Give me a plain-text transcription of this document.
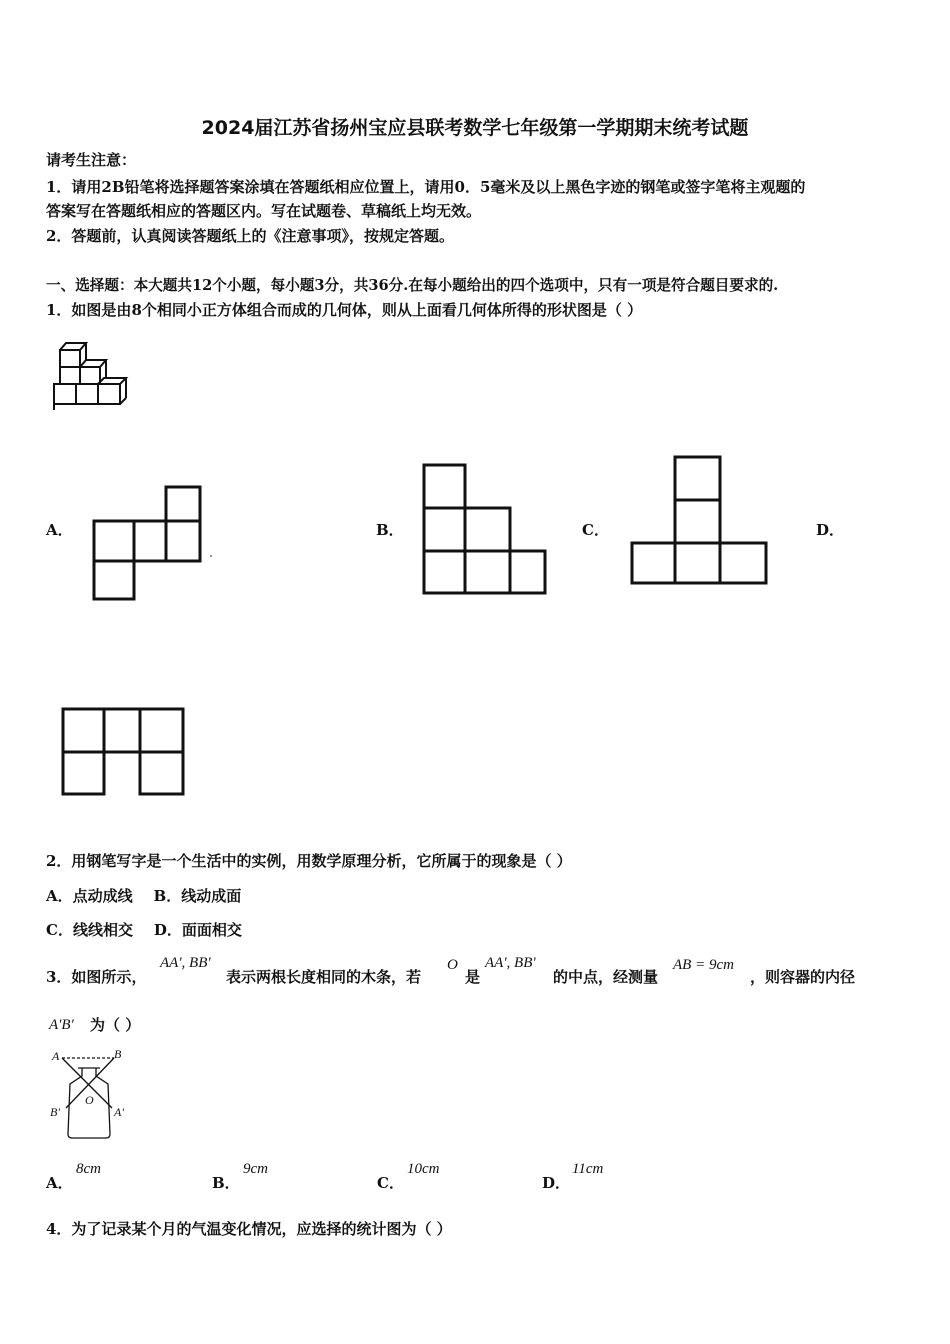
2024届江苏省扬州宝应县联考数学七年级第一学期期末统考试题
请考生注意：
1．请用2B铅笔将选择题答案涂填在答题纸相应位置上，请用0．5毫米及以上黑色字迹的钢笔或签字笔将主观题的
答案写在答题纸相应的答题区内。写在试题卷、草稿纸上均无效。
2．答题前，认真阅读答题纸上的《注意事项》，按规定答题。
一、选择题：本大题共12个小题，每小题3分，共36分.在每小题给出的四个选项中，只有一项是符合题目要求的.
1．如图是由8个相同小正方体组合而成的几何体，则从上面看几何体所得的形状图是（ ）
A．	B．	C．	D．
2．用钢笔写字是一个生活中的实例，用数学原理分析，它所属于的现象是（ ）
A．点动成线    B．线动成面
C．线线相交    D．面面相交
3．如图所示，
AA', BB'
表示两根长度相同的木条，若
O
是
AA', BB'
的中点，经测量
AB = 9cm
，则容器的内径
A'B' 为（ ）
A	B
O
B'	A'
A．
8cm
B．
9cm
C．
10cm
D．
11cm
4．为了记录某个月的气温变化情况，应选择的统计图为（ ）
